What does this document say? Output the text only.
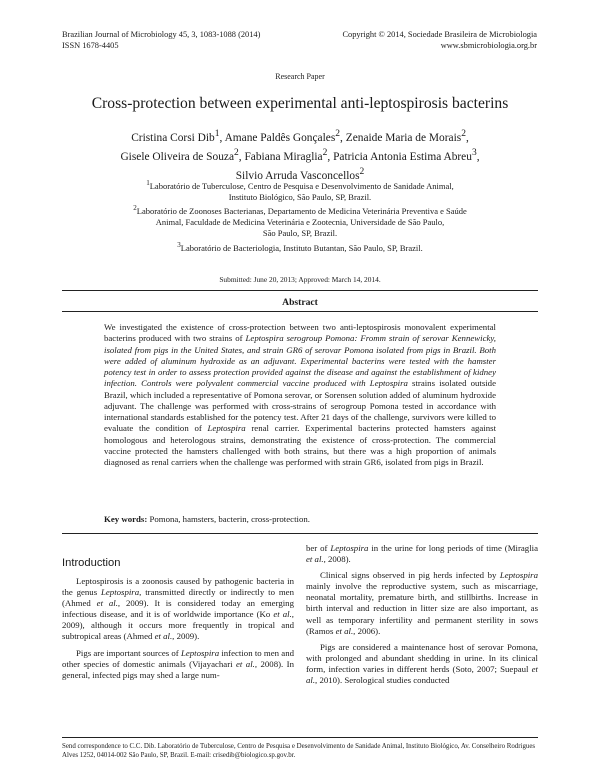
Brazilian Journal of Microbiology 45, 3, 1083-1088 (2014)
ISSN 1678-4405
Copyright © 2014, Sociedade Brasileira de Microbiologia
www.sbmicrobiologia.org.br
Research Paper
Cross-protection between experimental anti-leptospirosis bacterins
Cristina Corsi Dib$^1$, Amane Paldês Gonçales$^2$, Zenaide Maria de Morais$^2$,
Gisele Oliveira de Souza$^2$, Fabiana Miraglia$^2$, Patricia Antonia Estima Abreu$^3$,
Silvio Arruda Vasconcellos$^2$
$^1$Laboratório de Tuberculose, Centro de Pesquisa e Desenvolvimento de Sanidade Animal,
Instituto Biológico, São Paulo, SP, Brazil.
$^2$Laboratório de Zoonoses Bacterianas, Departamento de Medicina Veterinária Preventiva e Saúde
Animal, Faculdade de Medicina Veterinária e Zootecnia, Universidade de São Paulo,
São Paulo, SP, Brazil.
$^3$Laboratório de Bacteriologia, Instituto Butantan, São Paulo, SP, Brazil.
Submitted: June 20, 2013; Approved: March 14, 2014.
Abstract
We investigated the existence of cross-protection between two anti-leptospirosis monovalent experimental bacterins produced with two strains of Leptospira serogroup Pomona: Fromm strain of serovar Kennewicky, isolated from pigs in the United States, and strain GR6 of serovar Pomona isolated from pigs in Brazil. Both were added of aluminum hydroxide as an adjuvant. Experimental bacterins were tested with the hamster potency test in order to assess protection provided against the disease and against the establishment of kidney infection. Controls were polyvalent commercial vaccine produced with Leptospira strains isolated outside Brazil, which included a representative of Pomona serovar, or Sorensen solution added of aluminum hydroxide adjuvant. The challenge was performed with cross-strains of serogroup Pomona tested in accordance with international standards established for the potency test. After 21 days of the challenge, survivors were killed to evaluate the condition of Leptospira renal carrier. Experimental bacterins protected hamsters against homologous and heterologous strains, demonstrating the existence of cross-protection. The commercial vaccine protected the hamsters challenged with both strains, but there was a high proportion of animals diagnosed as renal carriers when the challenge was performed with strain GR6, isolated from pigs in Brazil.
Key words: Pomona, hamsters, bacterin, cross-protection.
Introduction

Leptospirosis is a zoonosis caused by pathogenic bacteria in the genus Leptospira, transmitted directly or indirectly to men (Ahmed et al., 2009). It is considered today an emerging infectious disease, and it is of worldwide importance (Ko et al., 2009), although it occurs more frequently in tropical and subtropical areas (Ahmed et al., 2009).

Pigs are important sources of Leptospira infection to men and other species of domestic animals (Vijayachari et al., 2008). In general, infected pigs may shed a large num-

ber of Leptospira in the urine for long periods of time (Miraglia et al., 2008).

Clinical signs observed in pig herds infected by Leptospira mainly involve the reproductive system, such as miscarriage, neonatal mortality, premature birth, and stillbirths. Increase in birth interval and reduction in litter size are also important, as well as temporary infertility and permanent sterility in sows (Ramos et al., 2006).

Pigs are considered a maintenance host of serovar Pomona, with prolonged and abundant shedding in urine. In its clinical form, infection varies in different herds (Soto, 2007; Suepaul et al., 2010). Serological studies conducted

Send correspondence to C.C. Dib. Laboratório de Tuberculose, Centro de Pesquisa e Desenvolvimento de Sanidade Animal, Instituto Biológico, Av. Conselheiro Rodrigues Alves 1252, 04014-002 São Paulo, SP, Brazil. E-mail: crisedib@biologico.sp.gov.br.
